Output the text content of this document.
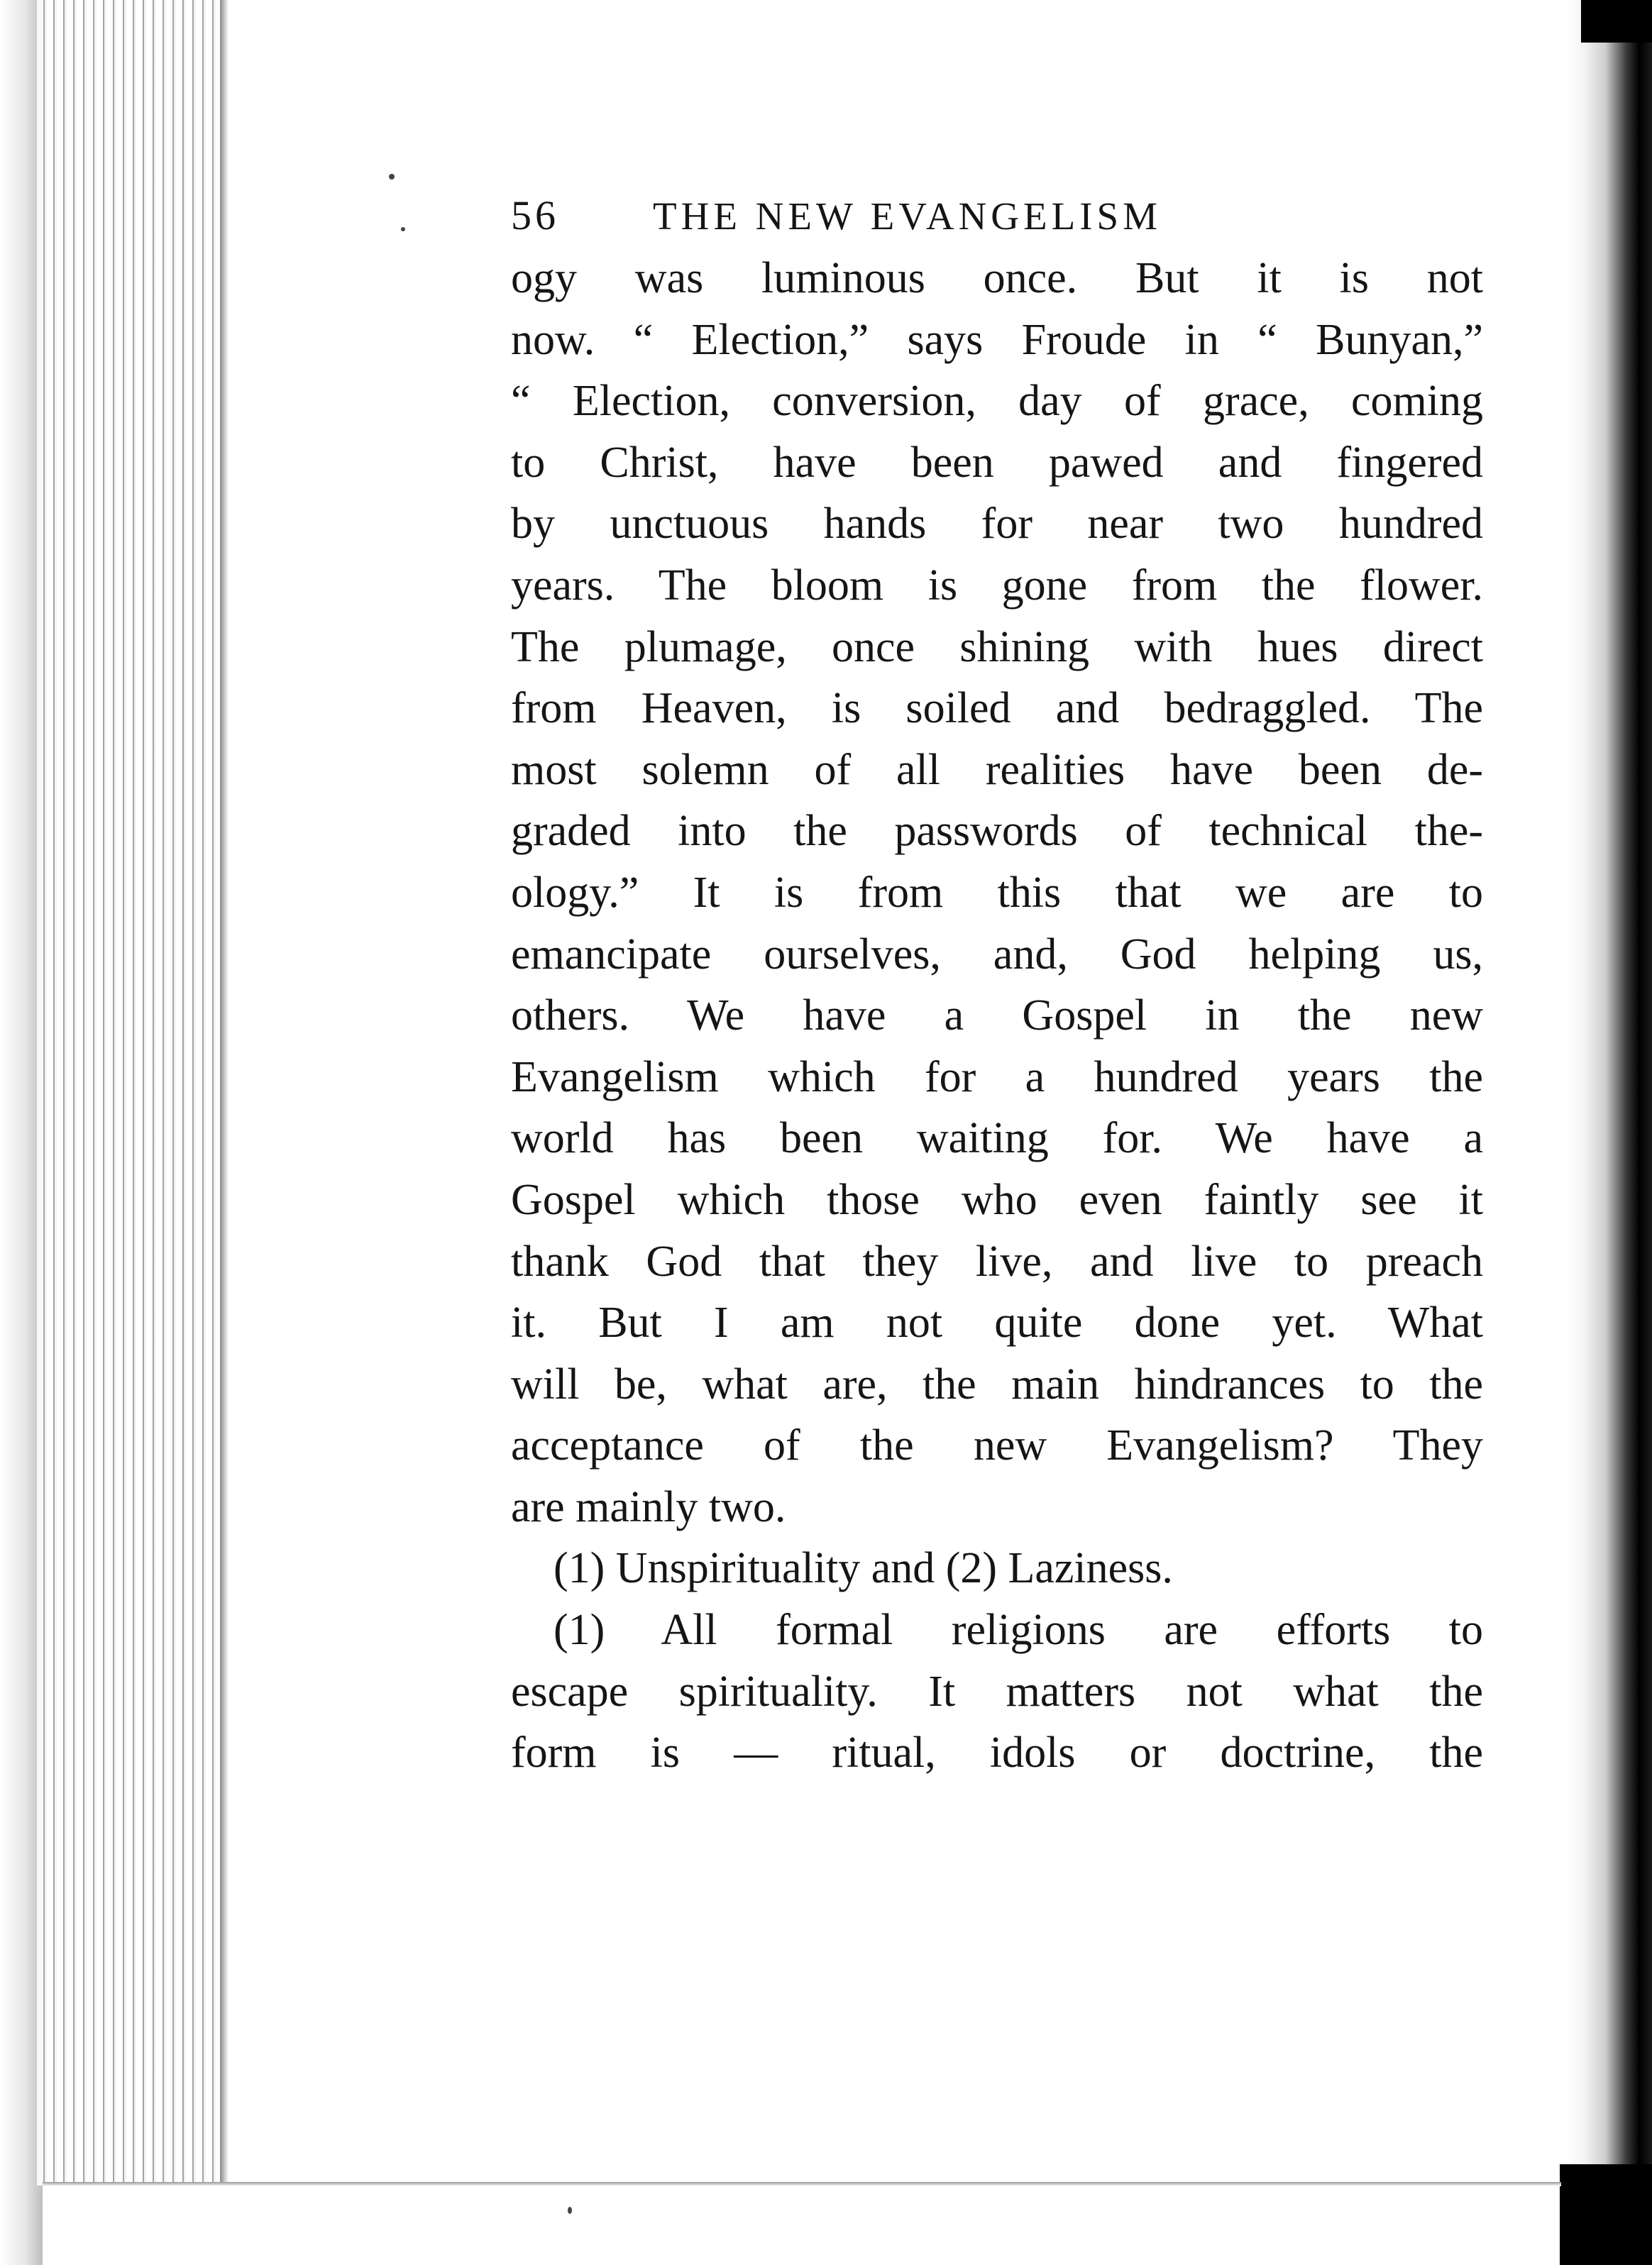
56	THE NEW EVANGELISM
ogy was luminous once. But it is not
now. “ Election,” says Froude in “ Bunyan,”
“ Election, conversion, day of grace, coming
to Christ, have been pawed and fingered
by unctuous hands for near two hundred
years. The bloom is gone from the flower.
The plumage, once shining with hues direct
from Heaven, is soiled and bedraggled. The
most solemn of all realities have been de-
graded into the passwords of technical the-
ology.” It is from this that we are to
emancipate ourselves, and, God helping us,
others. We have a Gospel in the new
Evangelism which for a hundred years the
world has been waiting for. We have a
Gospel which those who even faintly see it
thank God that they live, and live to preach
it. But I am not quite done yet. What
will be, what are, the main hindrances to the
acceptance of the new Evangelism? They
are mainly two.
(1) Unspirituality and (2) Laziness.
(1) All formal religions are efforts to
escape spirituality. It matters not what the
form is — ritual, idols or doctrine, the
